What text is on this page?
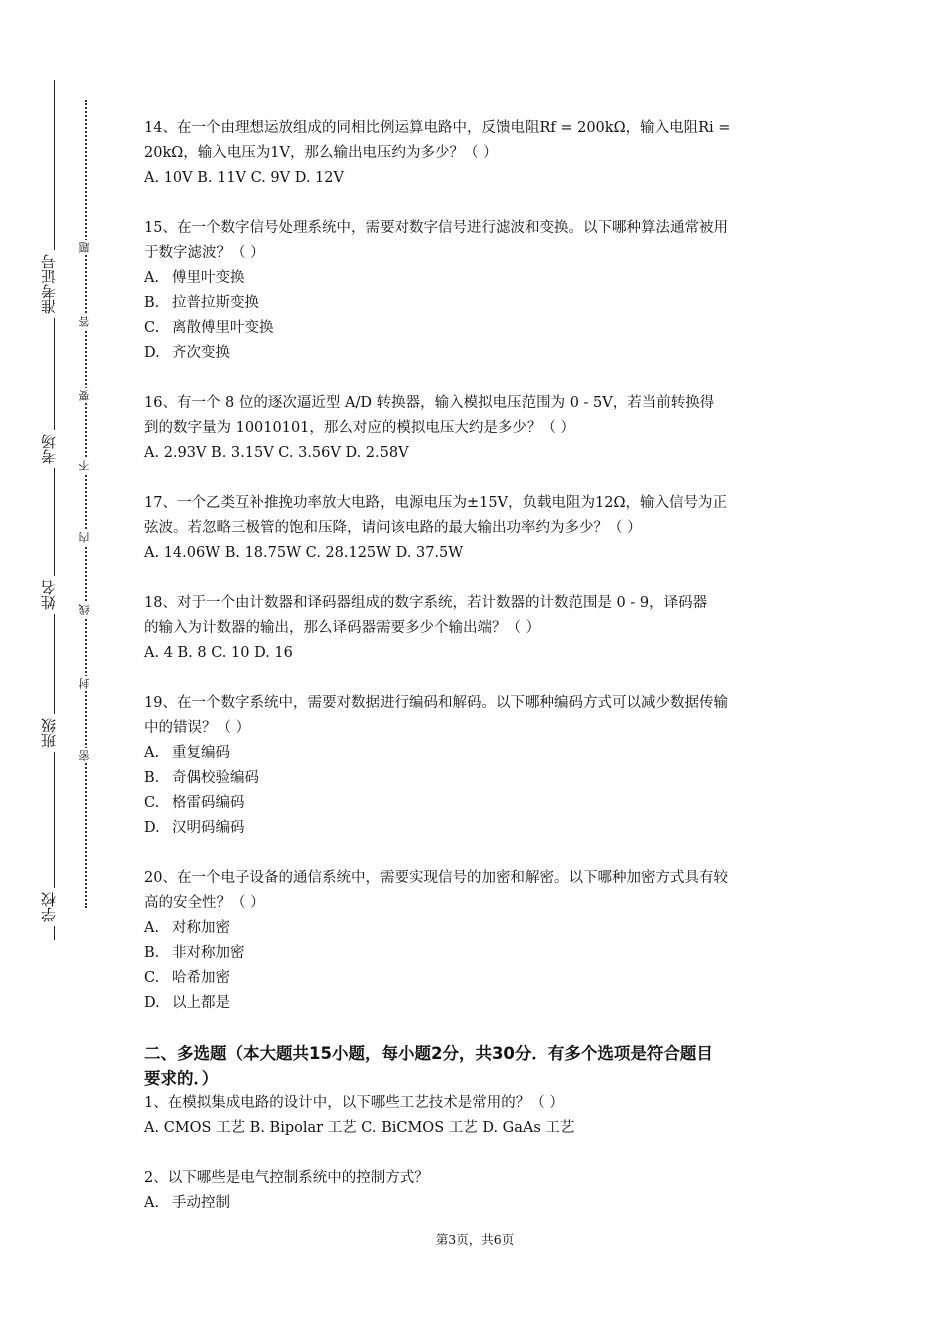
准考证号
考场
姓名
班级
学校
题
答
要
不
内
线
封
密

14、在一个由理想运放组成的同相比例运算电路中，反馈电阻Rf = 200kΩ，输入电阻Ri =

20kΩ，输入电压为1V，那么输出电压约为多少？（ ）

A. 10V B. 11V C. 9V D. 12V

15、在一个数字信号处理系统中，需要对数字信号进行滤波和变换。以下哪种算法通常被用

于数字滤波？（ ）

A. 傅里叶变换
B. 拉普拉斯变换
C. 离散傅里叶变换
D. 齐次变换

16、有一个 8 位的逐次逼近型 A/D 转换器，输入模拟电压范围为 0 - 5V，若当前转换得

到的数字量为 10010101，那么对应的模拟电压大约是多少？（ ）

A. 2.93V B. 3.15V C. 3.56V D. 2.58V

17、一个乙类互补推挽功率放大电路，电源电压为±15V，负载电阻为12Ω，输入信号为正

弦波。若忽略三极管的饱和压降，请问该电路的最大输出功率约为多少？（ ）

A. 14.06W B. 18.75W C. 28.125W D. 37.5W

18、对于一个由计数器和译码器组成的数字系统，若计数器的计数范围是 0 - 9，译码器

的输入为计数器的输出，那么译码器需要多少个输出端？（ ）

A. 4 B. 8 C. 10 D. 16

19、在一个数字系统中，需要对数据进行编码和解码。以下哪种编码方式可以减少数据传输

中的错误？（ ）

A. 重复编码
B. 奇偶校验编码
C. 格雷码编码
D. 汉明码编码

20、在一个电子设备的通信系统中，需要实现信号的加密和解密。以下哪种加密方式具有较

高的安全性？（ ）

A. 对称加密
B. 非对称加密
C. 哈希加密
D. 以上都是
二、多选题（本大题共15小题，每小题2分，共30分．有多个选项是符合题目
要求的．）

1、在模拟集成电路的设计中，以下哪些工艺技术是常用的？（ ）

A. CMOS 工艺 B. Bipolar 工艺 C. BiCMOS 工艺 D. GaAs 工艺

2、以下哪些是电气控制系统中的控制方式？

A. 手动控制
第3页，共6页
